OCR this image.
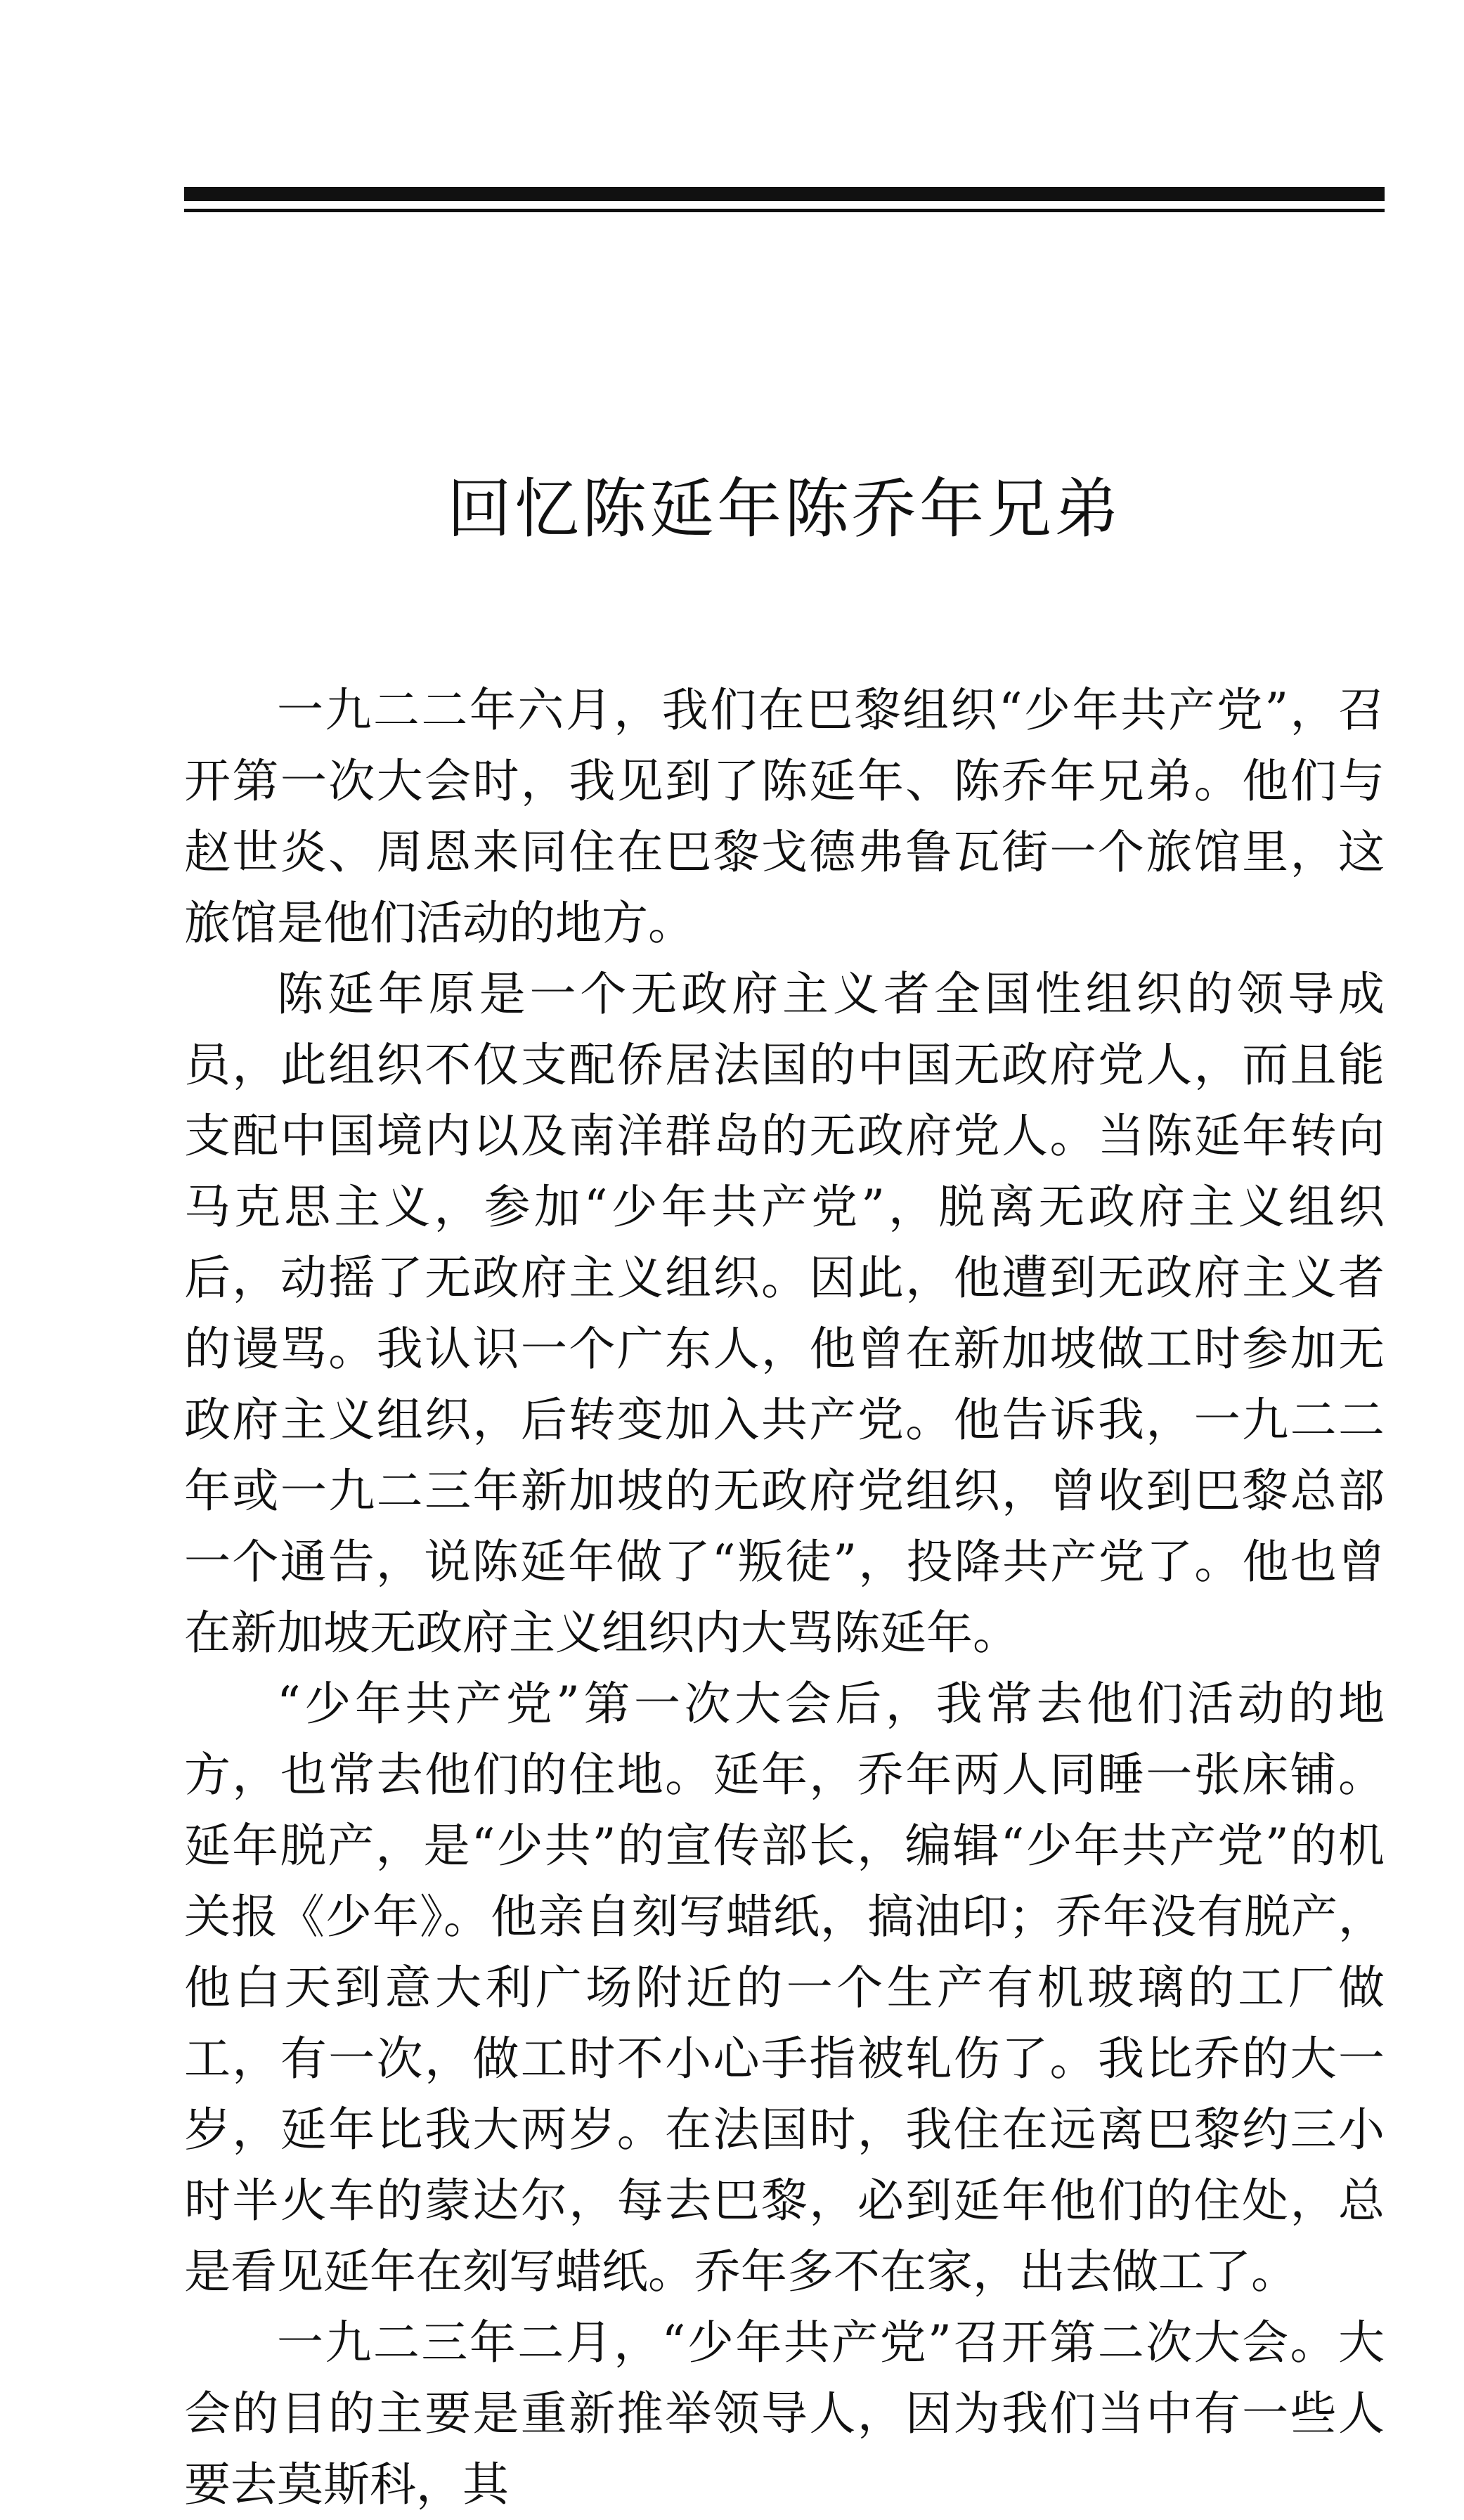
回忆陈延年陈乔年兄弟

一九二二年六月，我们在巴黎组织“少年共产党”，召开第一次大会时，我见到了陈延年、陈乔年兄弟。他们与赵世炎、周恩来同住在巴黎戈德弗鲁瓦街一个旅馆里，这旅馆是他们活动的地方。

陈延年原是一个无政府主义者全国性组织的领导成员，此组织不仅支配侨居法国的中国无政府党人，而且能支配中国境内以及南洋群岛的无政府党人。当陈延年转向马克思主义，参加“少年共产党”，脱离无政府主义组织后，动摇了无政府主义组织。因此，他遭到无政府主义者的谩骂。我认识一个广东人，他曾在新加坡做工时参加无政府主义组织，后转变加入共产党。他告诉我，一九二二年或一九二三年新加坡的无政府党组织，曾收到巴黎总部一个通告，说陈延年做了“叛徒”，投降共产党了。他也曾在新加坡无政府主义组织内大骂陈延年。

“少年共产党”第一次大会后，我常去他们活动的地方，也常去他们的住地。延年，乔年两人同睡一张床铺。延年脱产，是“少共”的宣传部长，编辑“少年共产党”的机关报《少年》。他亲自刻写蜡纸，搞油印；乔年没有脱产，他白天到意大利广场附近的一个生产有机玻璃的工厂做工，有一次，做工时不小心手指被轧伤了。我比乔的大一岁，延年比我大两岁。在法国时，我住在远离巴黎约三小时半火车的蒙达尔，每去巴黎，必到延年他们的住处，总是看见延年在刻写蜡纸。乔年多不在家，出去做工了。

一九二三年二月，“少年共产党”召开第二次大会。大会的目的主要是重新推举领导人，因为我们当中有一些人要去莫斯科，其
